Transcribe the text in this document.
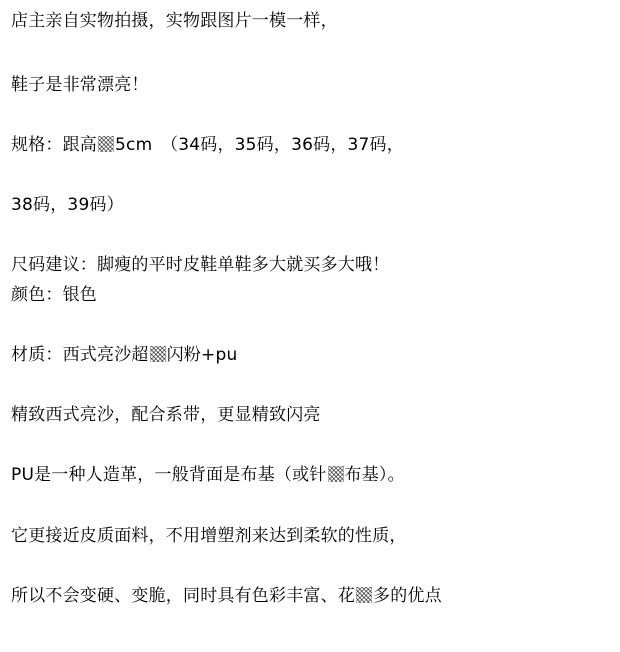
店主亲自实物拍摄，实物跟图片一模一样，
鞋子是非常漂亮！
规格：跟高 5cm　（34码，35码，36码，37码，
38码，39码）
尺码建议：脚瘦的平时皮鞋单鞋多大就买多大哦！
颜色：银色
材质：西式亮沙超 闪粉+pu
精致西式亮沙，配合系带，更显精致闪亮
PU是一种人造革，一般背面是布基（或针 布基）。
它更接近皮质面料，不用增塑剂来达到柔软的性质，
所以不会变硬、变脆，同时具有色彩丰富、花 多的优点
